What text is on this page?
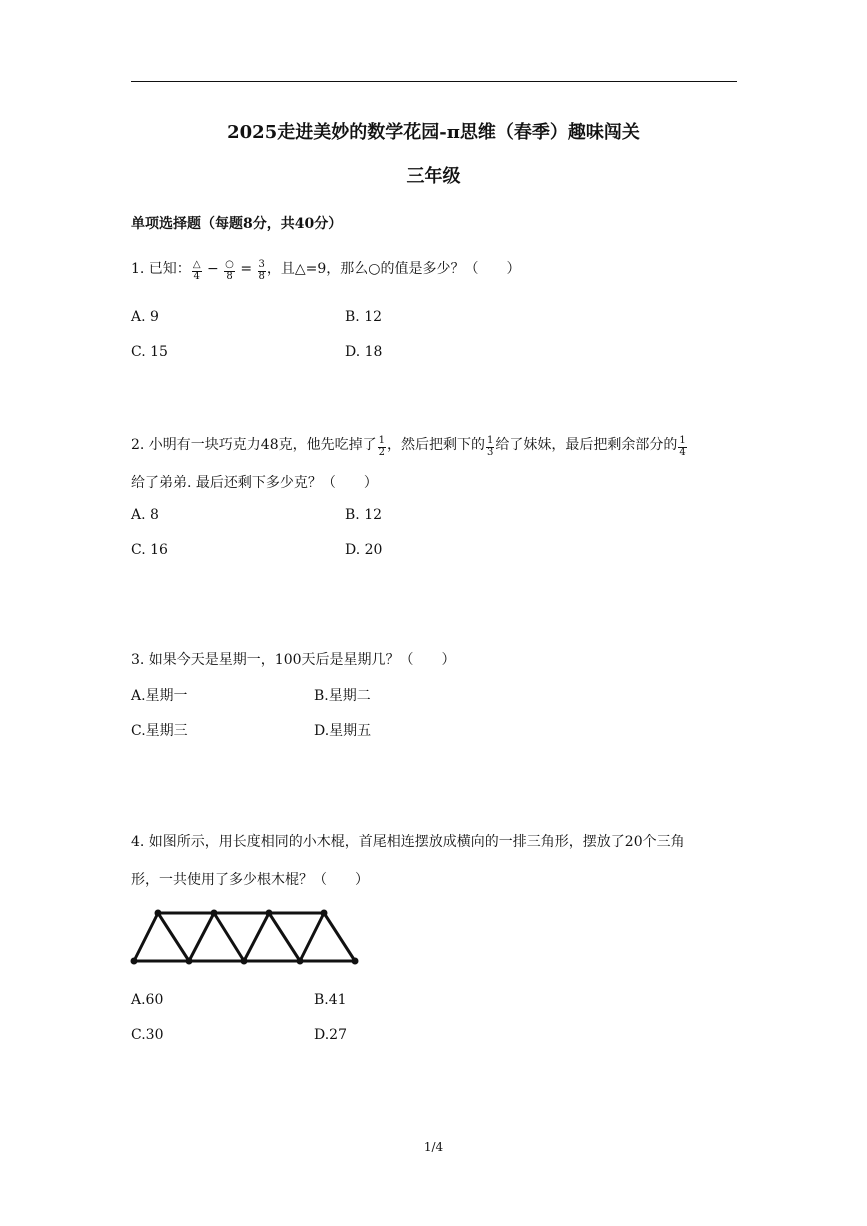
2025走进美妙的数学花园-π思维（春季）趣味闯关
三年级
单项选择题（每题8分，共40分）
1. 已知： $\frac{\triangle}{4} - \frac{○}{8} = \frac{3}{8}$ ，且△=9，那么○的值是多少？（　　）
A. 9	B. 12
C. 15	D. 18
2. 小明有一块巧克力48克，他先吃掉了 $\frac{1}{2}$ ，然后把剩下的 $\frac{1}{3}$ 给了妹妹，最后把剩余部分的 $\frac{1}{4}$

给了弟弟. 最后还剩下多少克？（　　）
A. 8	B. 12
C. 16	D. 20
3. 如果今天是星期一，100天后是星期几？（　　）
A.星期一	B.星期二
C.星期三	D.星期五
4. 如图所示，用长度相同的小木棍，首尾相连摆放成横向的一排三角形，摆放了20个三角
形，一共使用了多少根木棍？（　　）
A.60	B.41
C.30	D.27
1/4
